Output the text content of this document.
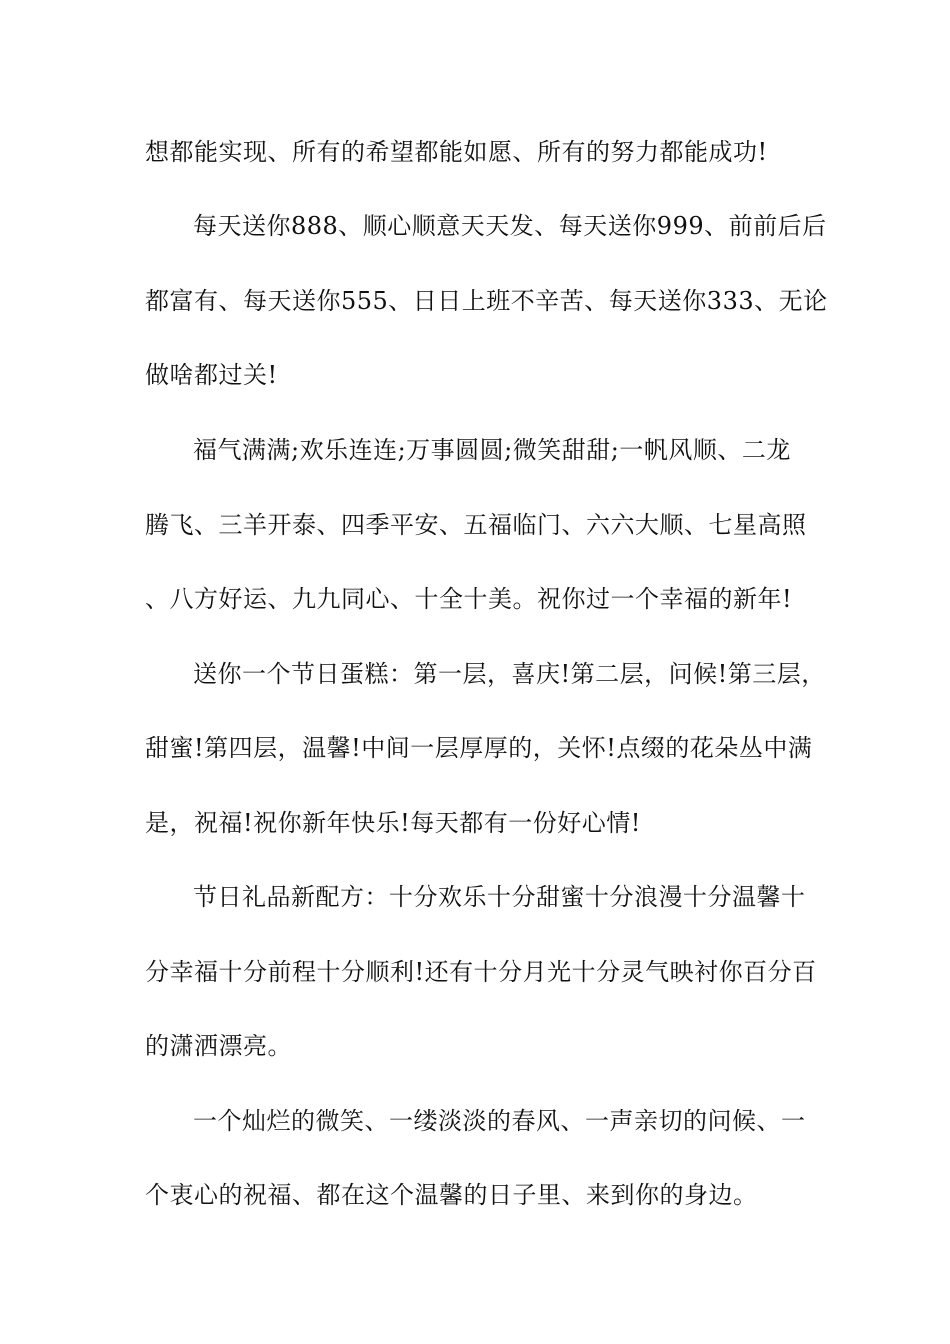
想都能实现、所有的希望都能如愿、所有的努力都能成功!
每天送你888、顺心顺意天天发、每天送你999、前前后后
都富有、每天送你555、日日上班不辛苦、每天送你333、无论
做啥都过关!
福气满满;欢乐连连;万事圆圆;微笑甜甜;一帆风顺、二龙
腾飞、三羊开泰、四季平安、五福临门、六六大顺、七星高照
、八方好运、九九同心、十全十美。祝你过一个幸福的新年!
送你一个节日蛋糕：第一层，喜庆!第二层，问候!第三层，
甜蜜!第四层，温馨!中间一层厚厚的，关怀!点缀的花朵丛中满
是，祝福!祝你新年快乐!每天都有一份好心情!
节日礼品新配方：十分欢乐十分甜蜜十分浪漫十分温馨十
分幸福十分前程十分顺利!还有十分月光十分灵气映衬你百分百
的潇洒漂亮。
一个灿烂的微笑、一缕淡淡的春风、一声亲切的问候、一
个衷心的祝福、都在这个温馨的日子里、来到你的身边。
